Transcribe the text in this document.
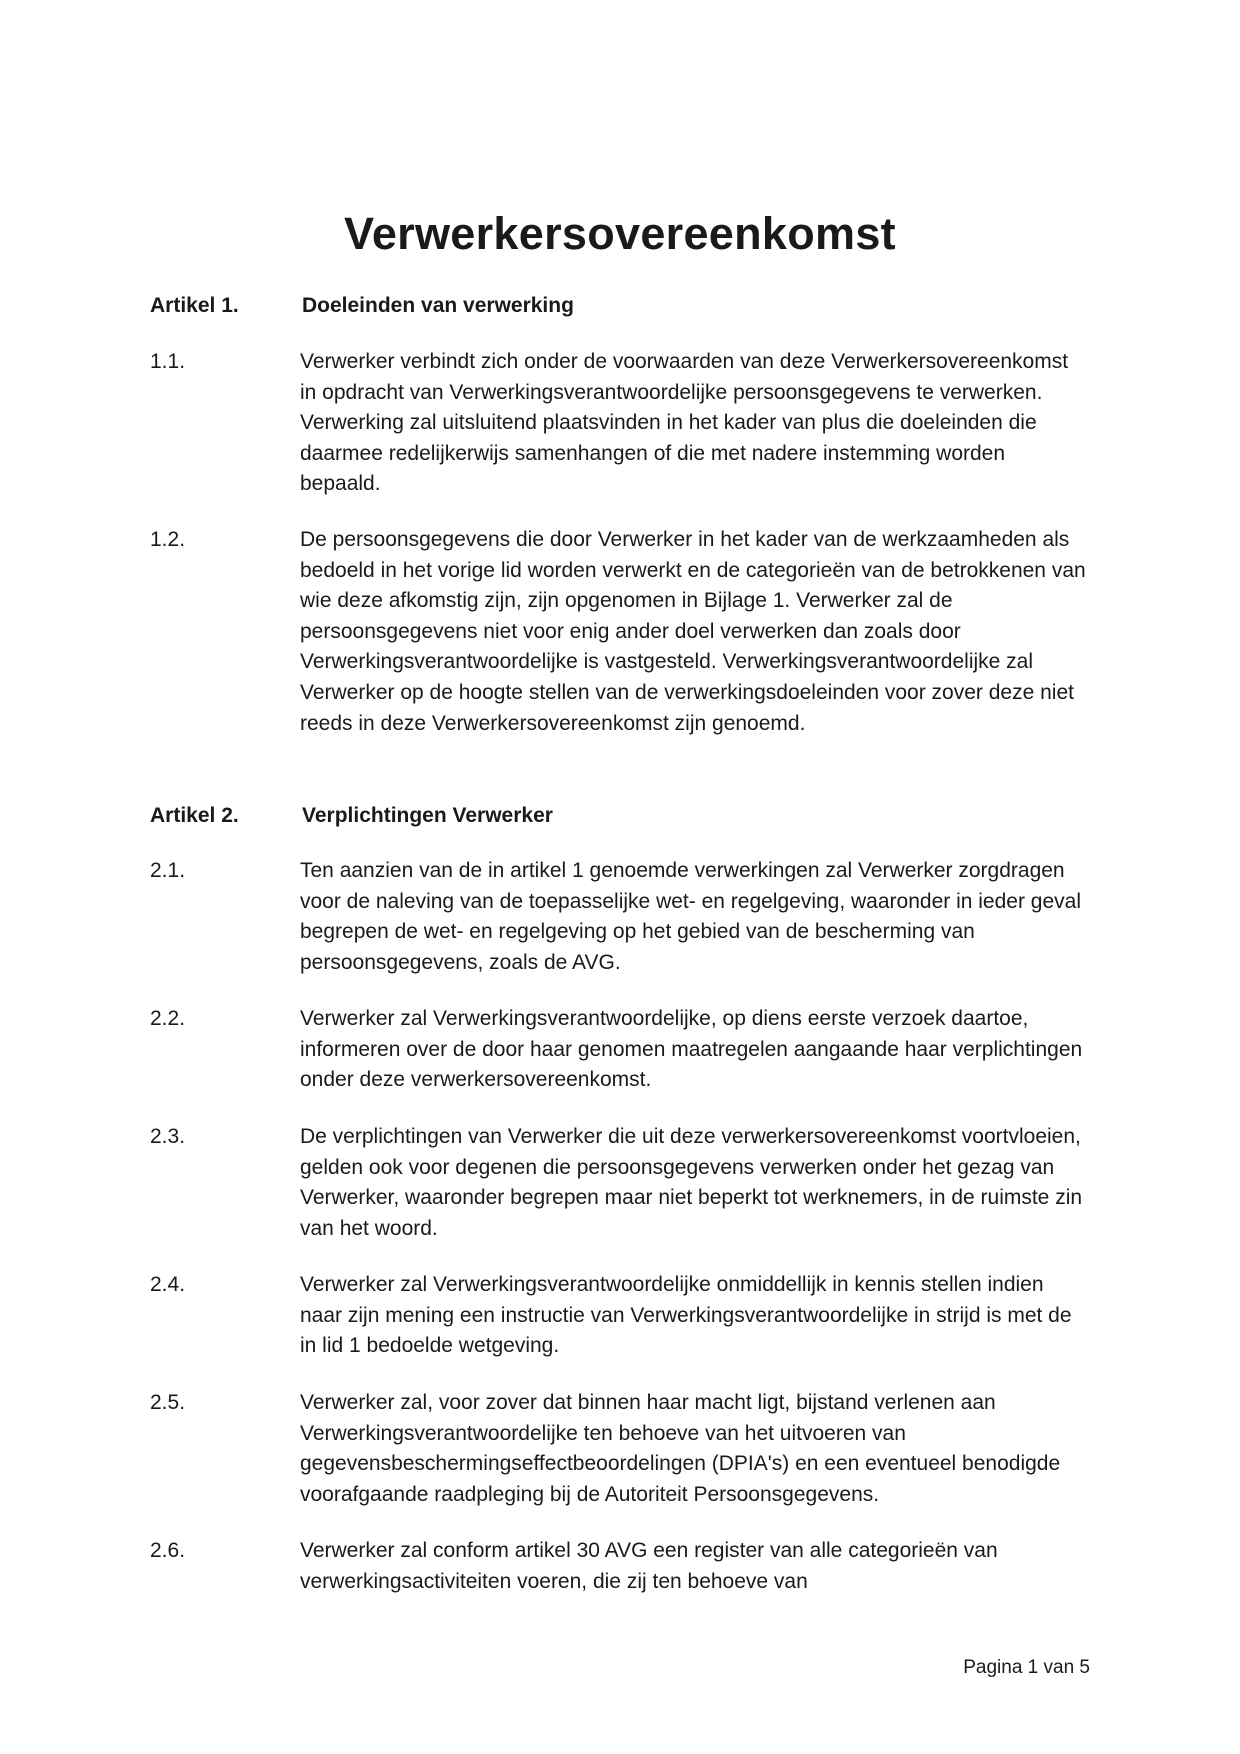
Verwerkersovereenkomst
Artikel 1.	Doeleinden van verwerking
1.1.	Verwerker verbindt zich onder de voorwaarden van deze Verwerkersovereenkomst in opdracht van Verwerkingsverantwoordelijke persoonsgegevens te verwerken. Verwerking zal uitsluitend plaatsvinden in het kader van plus die doeleinden die daarmee redelijkerwijs samenhangen of die met nadere instemming worden bepaald.
1.2.	De persoonsgegevens die door Verwerker in het kader van de werkzaamheden als bedoeld in het vorige lid worden verwerkt en de categorieën van de betrokkenen van wie deze afkomstig zijn, zijn opgenomen in Bijlage 1. Verwerker zal de persoonsgegevens niet voor enig ander doel verwerken dan zoals door Verwerkingsverantwoordelijke is vastgesteld. Verwerkingsverantwoordelijke zal Verwerker op de hoogte stellen van de verwerkingsdoeleinden voor zover deze niet reeds in deze Verwerkersovereenkomst zijn genoemd.
Artikel 2.	Verplichtingen Verwerker
2.1.	Ten aanzien van de in artikel 1 genoemde verwerkingen zal Verwerker zorgdragen voor de naleving van de toepasselijke wet- en regelgeving, waaronder in ieder geval begrepen de wet- en regelgeving op het gebied van de bescherming van persoonsgegevens, zoals de AVG.
2.2.	Verwerker zal Verwerkingsverantwoordelijke, op diens eerste verzoek daartoe, informeren over de door haar genomen maatregelen aangaande haar verplichtingen onder deze verwerkersovereenkomst.
2.3.	De verplichtingen van Verwerker die uit deze verwerkersovereenkomst voortvloeien, gelden ook voor degenen die persoonsgegevens verwerken onder het gezag van Verwerker, waaronder begrepen maar niet beperkt tot werknemers, in de ruimste zin van het woord.
2.4.	Verwerker zal Verwerkingsverantwoordelijke onmiddellijk in kennis stellen indien naar zijn mening een instructie van Verwerkingsverantwoordelijke in strijd is met de in lid 1 bedoelde wetgeving.
2.5.	Verwerker zal, voor zover dat binnen haar macht ligt, bijstand verlenen aan Verwerkingsverantwoordelijke ten behoeve van het uitvoeren van gegevensbeschermingseffectbeoordelingen (DPIA's) en een eventueel benodigde voorafgaande raadpleging bij de Autoriteit Persoonsgegevens.
2.6.	Verwerker zal conform artikel 30 AVG een register van alle categorieën van verwerkingsactiviteiten voeren, die zij ten behoeve van
Pagina 1 van 5
